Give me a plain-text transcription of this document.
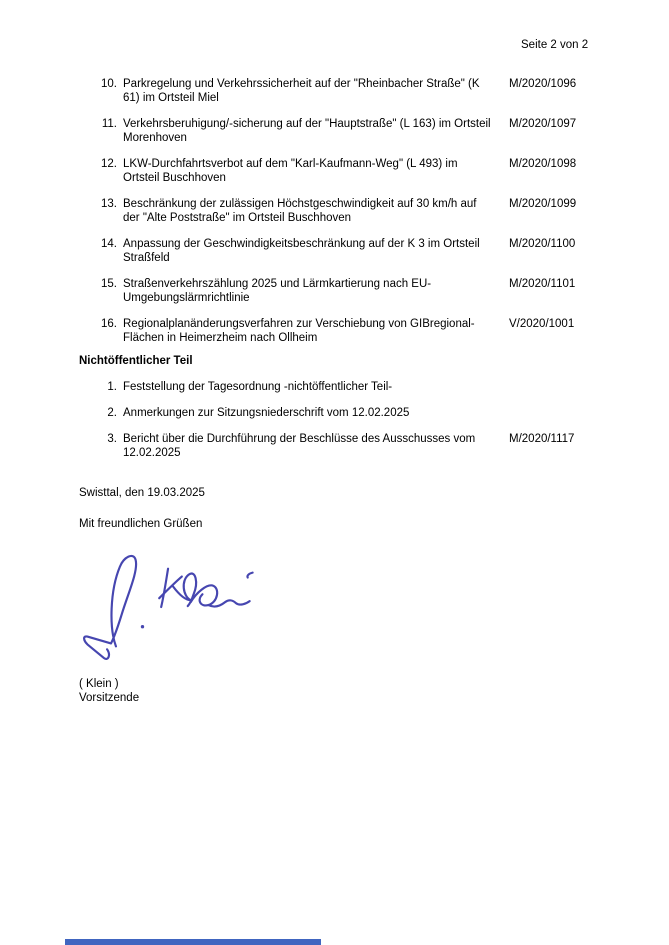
Seite 2 von 2
10. Parkregelung und Verkehrssicherheit auf der "Rheinbacher Straße" (K 61) im Ortsteil Miel
M/2020/1096
11. Verkehrsberuhigung/-sicherung auf der "Hauptstraße" (L 163) im Ortsteil Morenhoven
M/2020/1097
12. LKW-Durchfahrtsverbot auf dem "Karl-Kaufmann-Weg" (L 493) im Ortsteil Buschhoven
M/2020/1098
13. Beschränkung der zulässigen Höchstgeschwindigkeit auf 30 km/h auf der "Alte Poststraße" im Ortsteil Buschhoven
M/2020/1099
14. Anpassung der Geschwindigkeitsbeschränkung auf der K 3 im Ortsteil Straßfeld
M/2020/1100
15. Straßenverkehrszählung 2025 und Lärmkartierung nach EU-Umgebungslärmrichtlinie
M/2020/1101
16. Regionalplanänderungsverfahren zur Verschiebung von GIBregional-Flächen in Heimerzheim nach Ollheim
V/2020/1001
Nichtöffentlicher Teil
1. Feststellung der Tagesordnung -nichtöffentlicher Teil-
2. Anmerkungen zur Sitzungsniederschrift vom 12.02.2025
3. Bericht über die Durchführung der Beschlüsse des Ausschusses vom 12.02.2025
M/2020/1117
Swisttal, den 19.03.2025
Mit freundlichen Grüßen
( Klein )
Vorsitzende
